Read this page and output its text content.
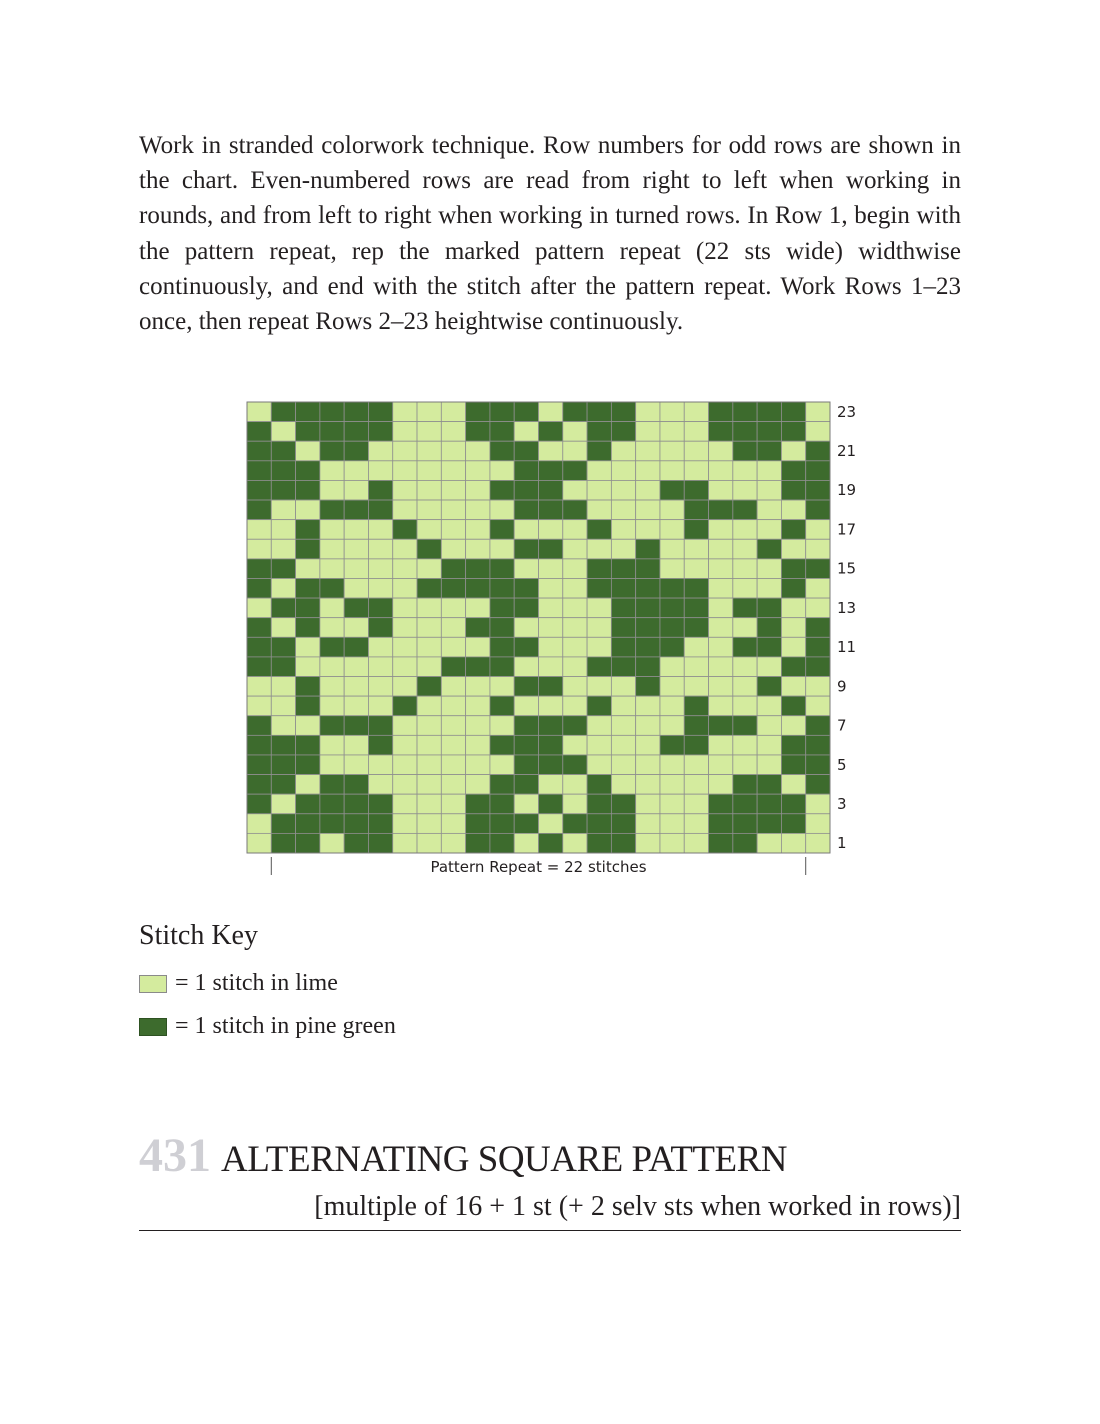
Work in stranded colorwork technique. Row numbers for odd rows are shown in the chart. Even-numbered rows are read from right to left when working in rounds, and from left to right when working in turned rows. In Row 1, begin with the pattern repeat, rep the marked pattern repeat (22 sts wide) widthwise continuously, and end with the stitch after the pattern repeat. Work Rows 1–23 once, then repeat Rows 2–23 heightwise continuously.

1
3
5
7
9
11
13
15
17
19
21
23
Pattern Repeat = 22 stitches
Stitch Key
= 1 stitch in lime
= 1 stitch in pine green
431 ALTERNATING SQUARE PATTERN

[multiple of 16 + 1 st (+ 2 selv sts when worked in rows)]
